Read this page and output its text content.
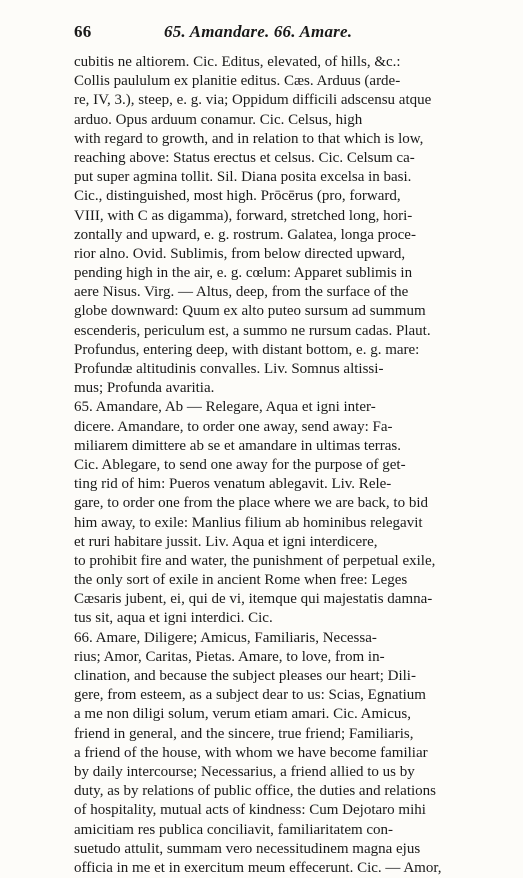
66	65. Amandare. 66. Amare.
cubitis ne altiorem. Cic. Editus, elevated, of hills, &c.:
Collis paululum ex planitie editus. Cæs. Arduus (arde-
re, IV, 3.), steep, e. g. via; Oppidum difficili adscensu atque
arduo. Opus arduum conamur. Cic. Celsus, high
with regard to growth, and in relation to that which is low,
reaching above: Status erectus et celsus. Cic. Celsum ca-
put super agmina tollit. Sil. Diana posita excelsa in basi.
Cic., distinguished, most high. Prōcērus (pro, forward,
VIII, with C as digamma), forward, stretched long, hori-
zontally and upward, e. g. rostrum. Galatea, longa proce-
rior alno. Ovid. Sublimis, from below directed upward,
pending high in the air, e. g. cœlum: Apparet sublimis in
aere Nisus. Virg. — Altus, deep, from the surface of the
globe downward: Quum ex alto puteo sursum ad summum
escenderis, periculum est, a summo ne rursum cadas. Plaut.
Profundus, entering deep, with distant bottom, e. g. mare:
Profundæ altitudinis convalles. Liv. Somnus altissi-
mus; Profunda avaritia.
65. Amandare, Ab — Relegare, Aqua et igni inter-
dicere. Amandare, to order one away, send away: Fa-
miliarem dimittere ab se et amandare in ultimas terras.
Cic. Ablegare, to send one away for the purpose of get-
ting rid of him: Pueros venatum ablegavit. Liv. Rele-
gare, to order one from the place where we are back, to bid
him away, to exile: Manlius filium ab hominibus relegavit
et ruri habitare jussit. Liv. Aqua et igni interdicere,
to prohibit fire and water, the punishment of perpetual exile,
the only sort of exile in ancient Rome when free: Leges
Cæsaris jubent, ei, qui de vi, itemque qui majestatis damna-
tus sit, aqua et igni interdici. Cic.
66. Amare, Diligere; Amicus, Familiaris, Necessa-
rius; Amor, Caritas, Pietas. Amare, to love, from in-
clination, and because the subject pleases our heart; Dili-
gere, from esteem, as a subject dear to us: Scias, Egnatium
a me non diligi solum, verum etiam amari. Cic. Amicus,
friend in general, and the sincere, true friend; Familiaris,
a friend of the house, with whom we have become familiar
by daily intercourse; Necessarius, a friend allied to us by
duty, as by relations of public office, the duties and relations
of hospitality, mutual acts of kindness: Cum Dejotaro mihi
amicitiam res publica conciliavit, familiaritatem con-
suetudo attulit, summam vero necessitudinem magna ejus
officia in me et in exercitum meum effecerunt. Cic. — Amor,
